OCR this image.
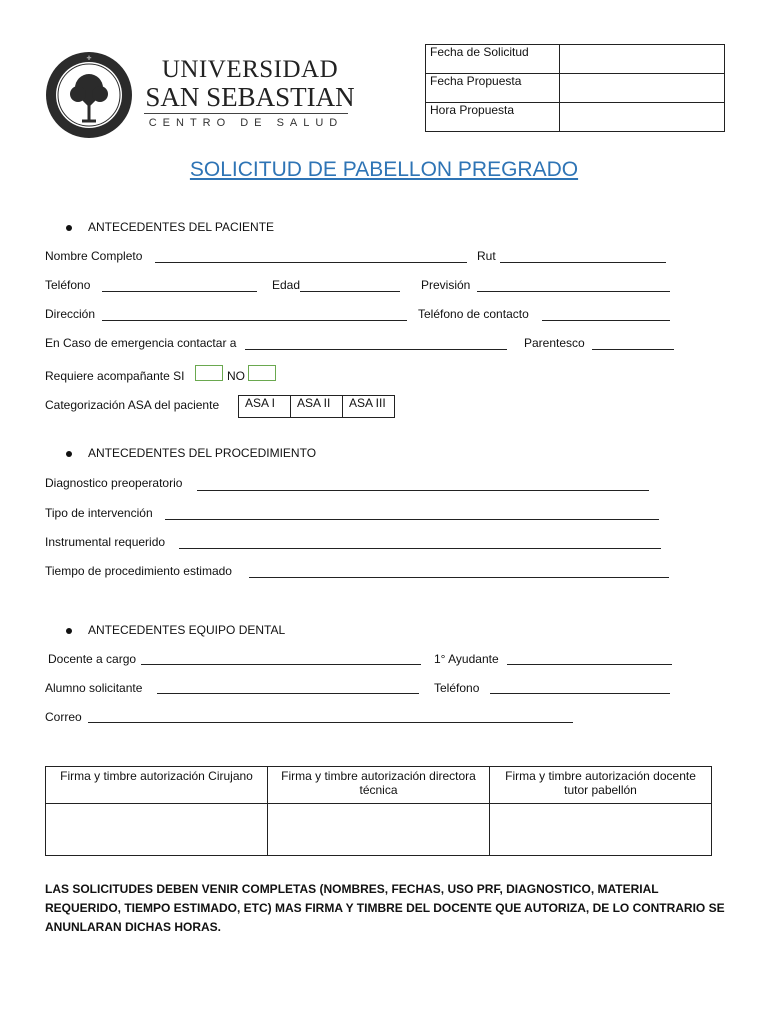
✛	UNIVERSIDAD
SAN SEBASTIAN
CENTRO DE SALUD
Fecha de Solicitud	
Fecha Propuesta	
Hora Propuesta	
SOLICITUD DE PABELLON PREGRADO
ANTECEDENTES DEL PACIENTE
Nombre Completo	Rut
Teléfono	Edad	Previsión
Dirección	Teléfono de contacto
En Caso de emergencia contactar a	Parentesco
Requiere acompañante SI	NO
Categorización ASA del paciente ASA I	ASA II	ASA III
ANTECEDENTES DEL PROCEDIMIENTO
Diagnostico preoperatorio
Tipo de intervención
Instrumental requerido
Tiempo de procedimiento estimado
ANTECEDENTES EQUIPO DENTAL
Docente a cargo	1° Ayudante
Alumno solicitante	Teléfono
Correo
Firma y timbre autorización Cirujano	Firma y timbre autorización directora técnica	Firma y timbre autorización docente tutor pabellón

LAS SOLICITUDES DEBEN VENIR COMPLETAS (NOMBRES, FECHAS, USO PRF, DIAGNOSTICO, MATERIAL REQUERIDO, TIEMPO ESTIMADO, ETC) MAS FIRMA Y TIMBRE DEL DOCENTE QUE AUTORIZA, DE LO CONTRARIO SE ANUNLARAN DICHAS HORAS.
